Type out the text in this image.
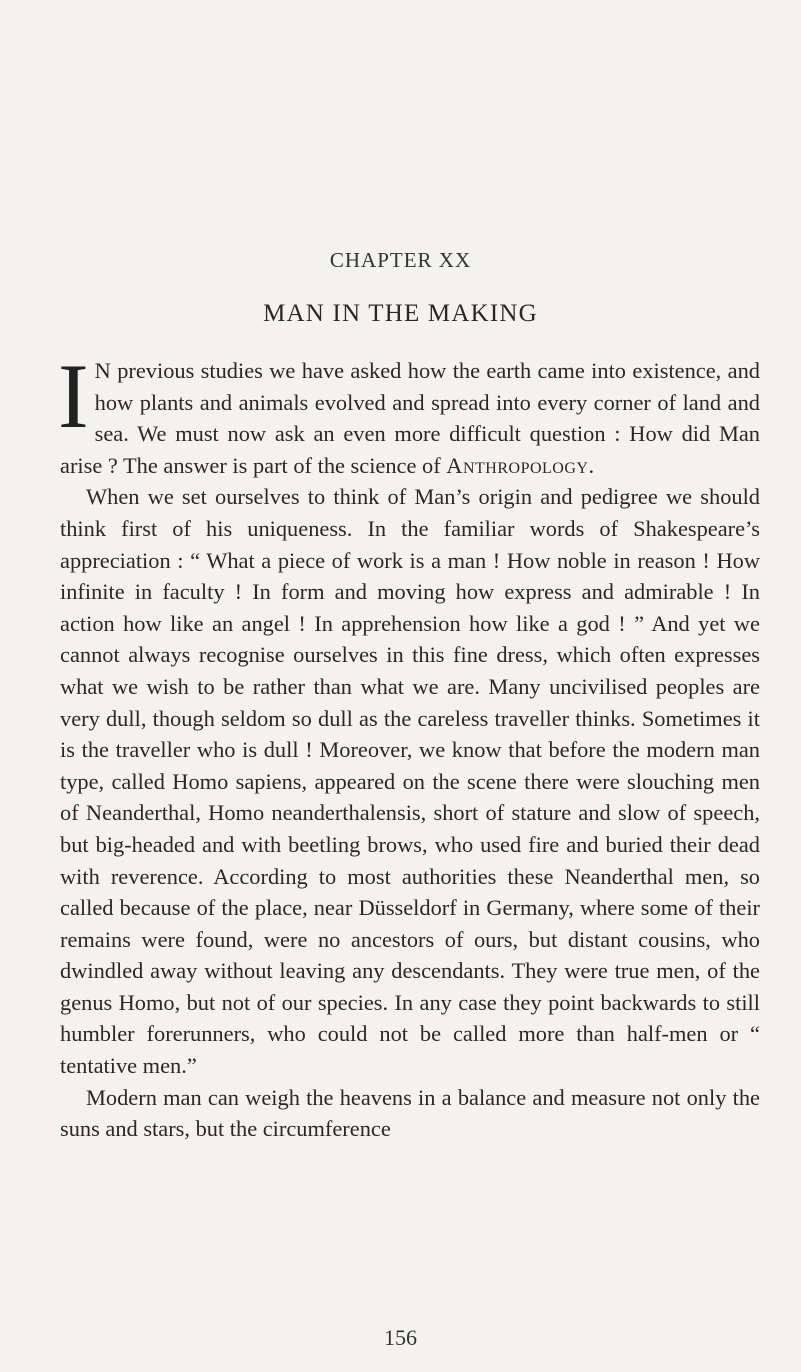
CHAPTER XX
MAN IN THE MAKING

I N previous studies we have asked how the earth came into existence, and how plants and animals evolved and spread into every corner of land and sea. We must now ask an even more difficult question : How did Man arise ? The answer is part of the science of Anthropology.

When we set ourselves to think of Man’s origin and pedigree we should think first of his uniqueness. In the familiar words of Shakespeare’s appreciation : “ What a piece of work is a man ! How noble in reason ! How infinite in faculty ! In form and moving how express and admirable ! In action how like an angel ! In apprehension how like a god ! ” And yet we cannot always recognise ourselves in this fine dress, which often expresses what we wish to be rather than what we are. Many uncivilised peoples are very dull, though seldom so dull as the careless traveller thinks. Sometimes it is the traveller who is dull ! Moreover, we know that before the modern man type, called Homo sapiens, appeared on the scene there were slouching men of Neanderthal, Homo neanderthalensis, short of stature and slow of speech, but big-headed and with beetling brows, who used fire and buried their dead with reverence. According to most authorities these Neanderthal men, so called because of the place, near Düsseldorf in Germany, where some of their remains were found, were no ancestors of ours, but distant cousins, who dwindled away without leaving any descendants. They were true men, of the genus Homo, but not of our species. In any case they point backwards to still humbler forerunners, who could not be called more than half-men or “ tentative men.”

Modern man can weigh the heavens in a balance and measure not only the suns and stars, but the circumference

156
